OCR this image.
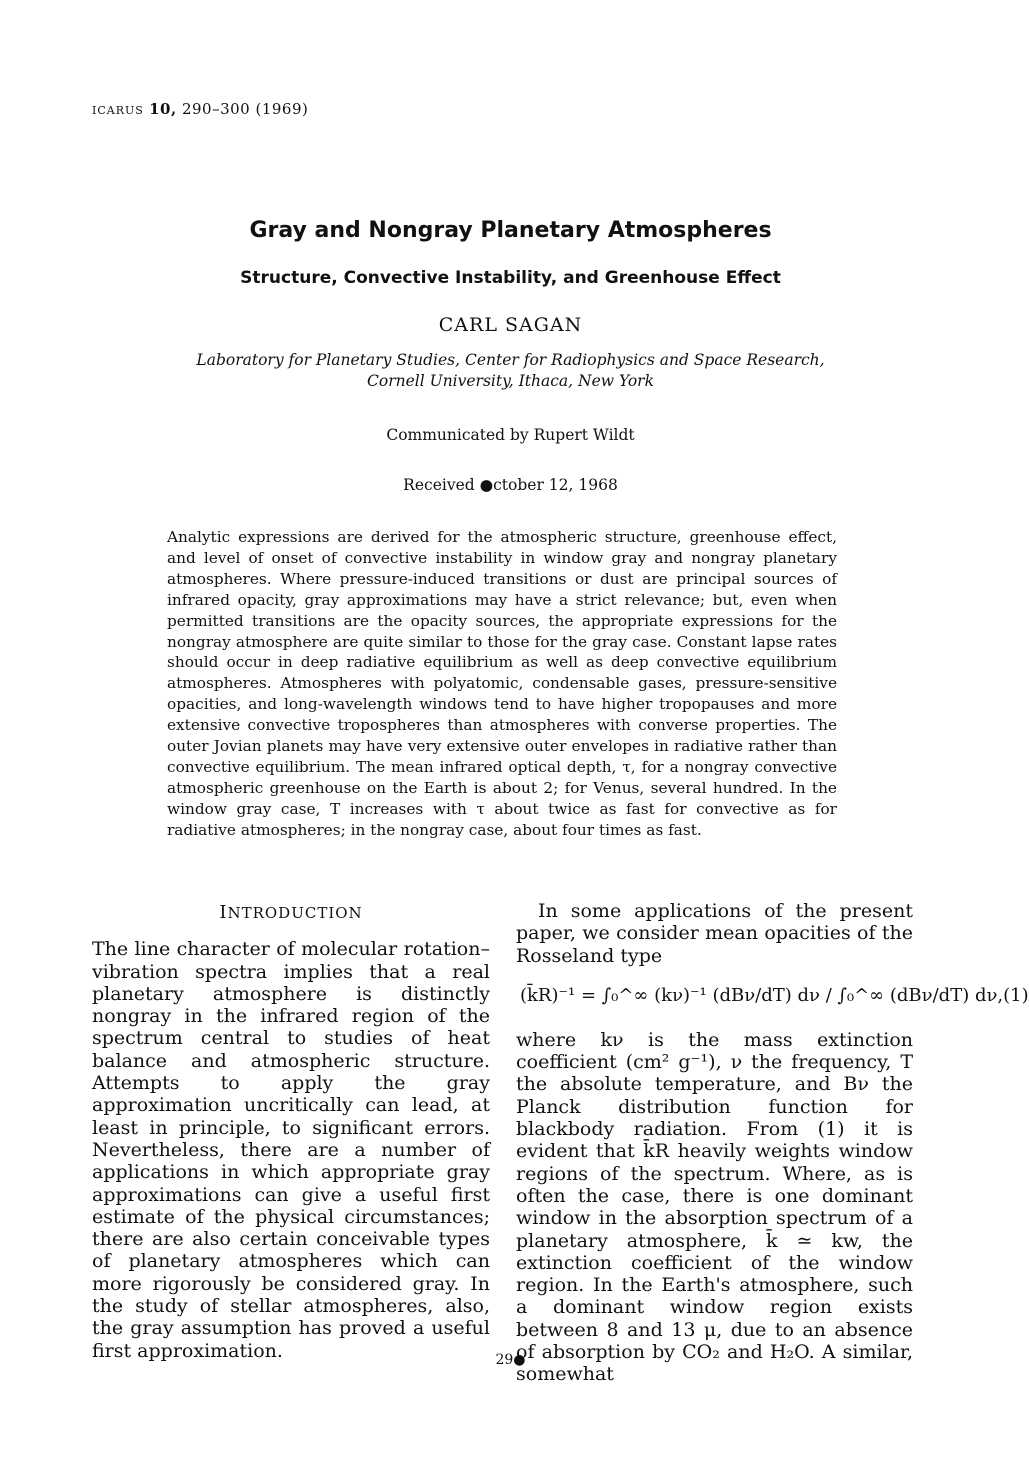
ICARUS 10, 290–300 (1969)
Gray and Nongray Planetary Atmospheres
Structure, Convective Instability, and Greenhouse Effect
CARL SAGAN
Laboratory for Planetary Studies, Center for Radiophysics and Space Research,
Cornell University, Ithaca, New York
Communicated by Rupert Wildt
Received ●ctober 12, 1968
Analytic expressions are derived for the atmospheric structure, greenhouse effect, and level of onset of convective instability in window gray and nongray planetary atmospheres. Where pressure-induced transitions or dust are principal sources of infrared opacity, gray approximations may have a strict relevance; but, even when permitted transitions are the opacity sources, the appropriate expressions for the nongray atmosphere are quite similar to those for the gray case. Constant lapse rates should occur in deep radiative equilibrium as well as deep convective equilibrium atmospheres. Atmospheres with polyatomic, condensable gases, pressure-sensitive opacities, and long-wavelength windows tend to have higher tropopauses and more extensive convective tropospheres than atmospheres with converse properties. The outer Jovian planets may have very extensive outer envelopes in radiative rather than convective equilibrium. The mean infrared optical depth, τ, for a nongray convective atmospheric greenhouse on the Earth is about 2; for Venus, several hundred. In the window gray case, T increases with τ about twice as fast for convective as for radiative atmospheres; in the nongray case, about four times as fast.
INTRODUCTION

The line character of molecular rotation–vibration spectra implies that a real planetary atmosphere is distinctly nongray in the infrared region of the spectrum central to studies of heat balance and atmospheric structure. Attempts to apply the gray approximation uncritically can lead, at least in principle, to significant errors. Nevertheless, there are a number of applications in which appropriate gray approximations can give a useful first estimate of the physical circumstances; there are also certain conceivable types of planetary atmospheres which can more rigorously be considered gray. In the study of stellar atmospheres, also, the gray assumption has proved a useful first approximation.

In some applications of the present paper, we consider mean opacities of the Rosseland type

(k̄R)⁻¹ = ∫₀^∞ (kν)⁻¹ (dBν/dT) dν / ∫₀^∞ (dBν/dT) dν, (1)

where kν is the mass extinction coefficient (cm² g⁻¹), ν the frequency, T the absolute temperature, and Bν the Planck distribution function for blackbody radiation. From (1) it is evident that k̄R heavily weights window regions of the spectrum. Where, as is often the case, there is one dominant window in the absorption spectrum of a planetary atmosphere, k̄ ≃ kw, the extinction coefficient of the window region. In the Earth's atmosphere, such a dominant window region exists between 8 and 13 μ, due to an absence of absorption by CO₂ and H₂O. A similar, somewhat

29●
